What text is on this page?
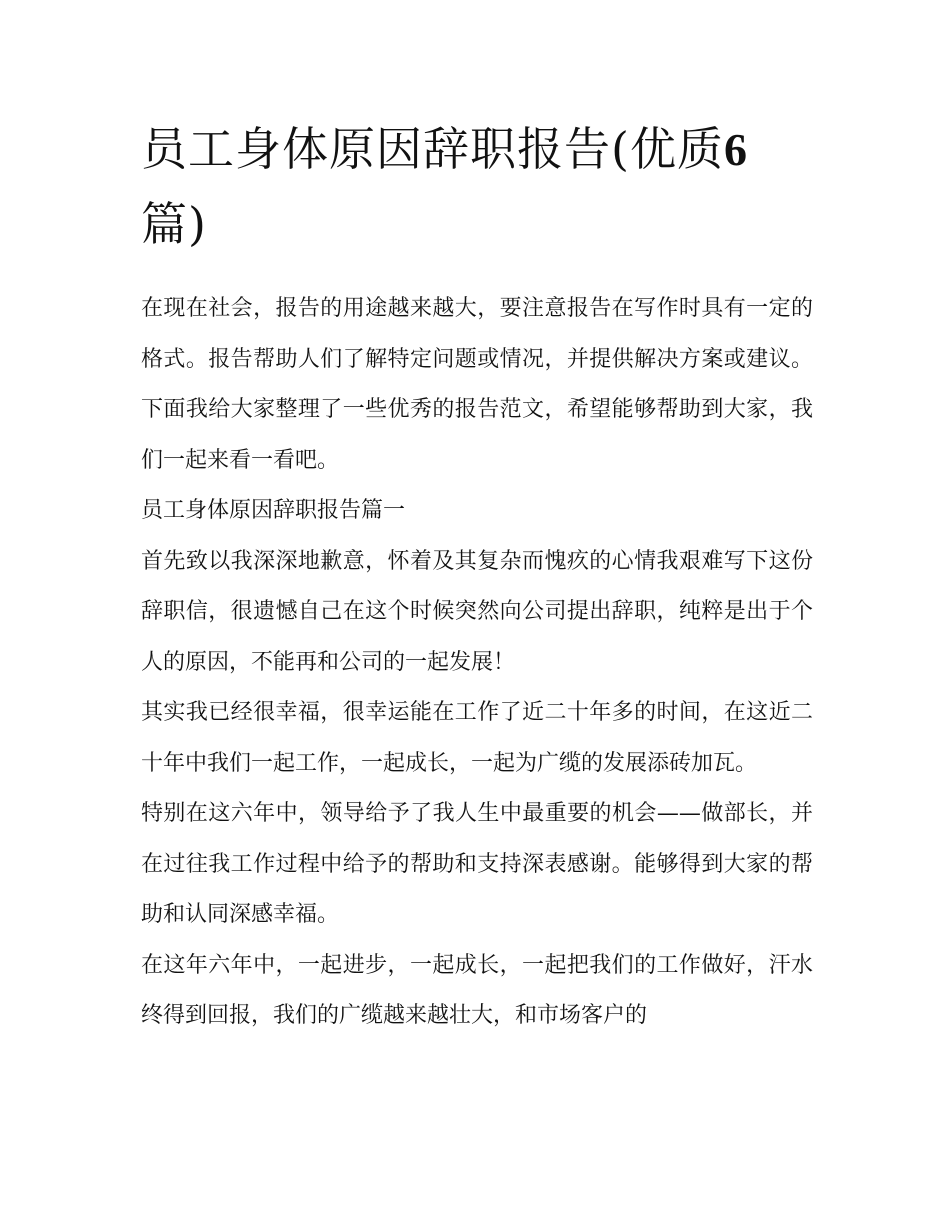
员工身体原因辞职报告(优质6
篇)

在现在社会，报告的用途越来越大，要注意报告在写作时具有一定的格式。报告帮助人们了解特定问题或情况，并提供解决方案或建议。下面我给大家整理了一些优秀的报告范文，希望能够帮助到大家，我们一起来看一看吧。

员工身体原因辞职报告篇一

首先致以我深深地歉意，怀着及其复杂而愧疚的心情我艰难写下这份辞职信，很遗憾自己在这个时候突然向公司提出辞职，纯粹是出于个人的原因，不能再和公司的一起发展！

其实我已经很幸福，很幸运能在工作了近二十年多的时间，在这近二十年中我们一起工作，一起成长，一起为广缆的发展添砖加瓦。

特别在这六年中，领导给予了我人生中最重要的机会——做部长，并在过往我工作过程中给予的帮助和支持深表感谢。能够得到大家的帮助和认同深感幸福。

在这年六年中，一起进步，一起成长，一起把我们的工作做好，汗水终得到回报，我们的广缆越来越壮大，和市场客户的
